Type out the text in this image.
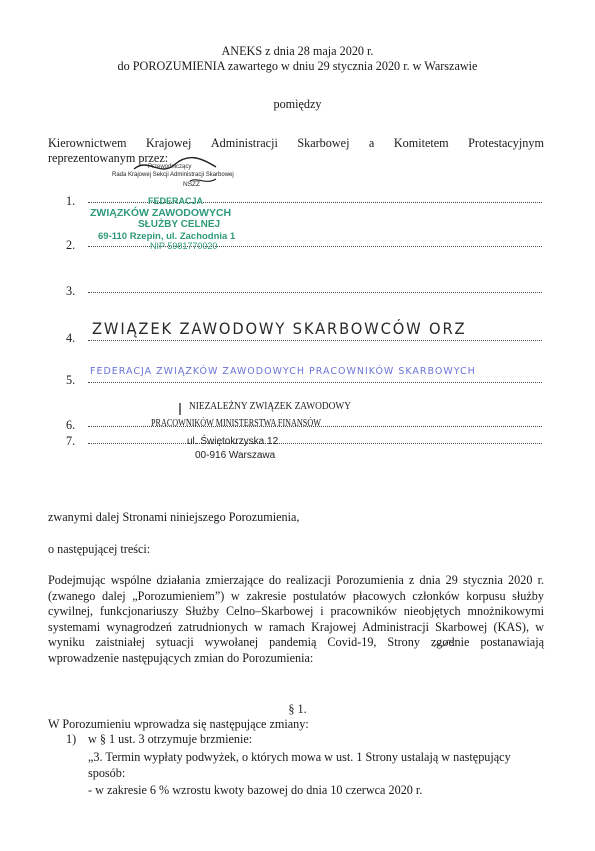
ANEKS z dnia 28 maja 2020 r.
do POROZUMIENIA zawartego w dniu 29 stycznia 2020 r. w Warszawie
pomiędzy
Kierownictwem Krajowej Administracji Skarbowej a Komitetem Protestacyjnym
reprezentowanym przez:
1.
2.
3.
4.
5.
6.
7.
Przewodniczący
Rada Krajowej Sekcji Administracji Skarbowej
NSZZ
FEDERACJA
ZWIĄZKÓW ZAWODOWYCH
SŁUŻBY CELNEJ
69-110 Rzepin, ul. Zachodnia 1
NIP 5981770020
ZWIĄZEK ZAWODOWY SKARBOWCÓW ORZ
FEDERACJA ZWIĄZKÓW ZAWODOWYCH PRACOWNIKÓW SKARBOWYCH
NIEZALEŻNY ZWIĄZEK ZAWODOWY
PRACOWNIKÓW MINISTERSTWA FINANSÓW
ul. Świętokrzyska 12
00-916 Warszawa
zwanymi dalej Stronami niniejszego Porozumienia,
o następującej treści:
Podejmując wspólne działania zmierzające do realizacji Porozumienia z dnia 29 stycznia 2020 r. (zwanego dalej „Porozumieniem”) w zakresie postulatów płacowych członków korpusu służby cywilnej, funkcjonariuszy Służby Celno–Skarbowej i pracowników nieobjętych mnożnikowymi systemami wynagrodzeń zatrudnionych w ramach Krajowej Administracji Skarbowej (KAS), w wyniku zaistniałej sytuacji wywołanej pandemią Covid-19, Strony zgodnie postanawiają wprowadzenie następujących zmian do Porozumienia:
§ 1.
W Porozumieniu wprowadza się następujące zmiany:
1) w § 1 ust. 3 otrzymuje brzmienie:
„3. Termin wypłaty podwyżek, o których mowa w ust. 1 Strony ustalają w następujący
sposób:
- w zakresie 6 % wzrostu kwoty bazowej do dnia 10 czerwca 2020 r.
